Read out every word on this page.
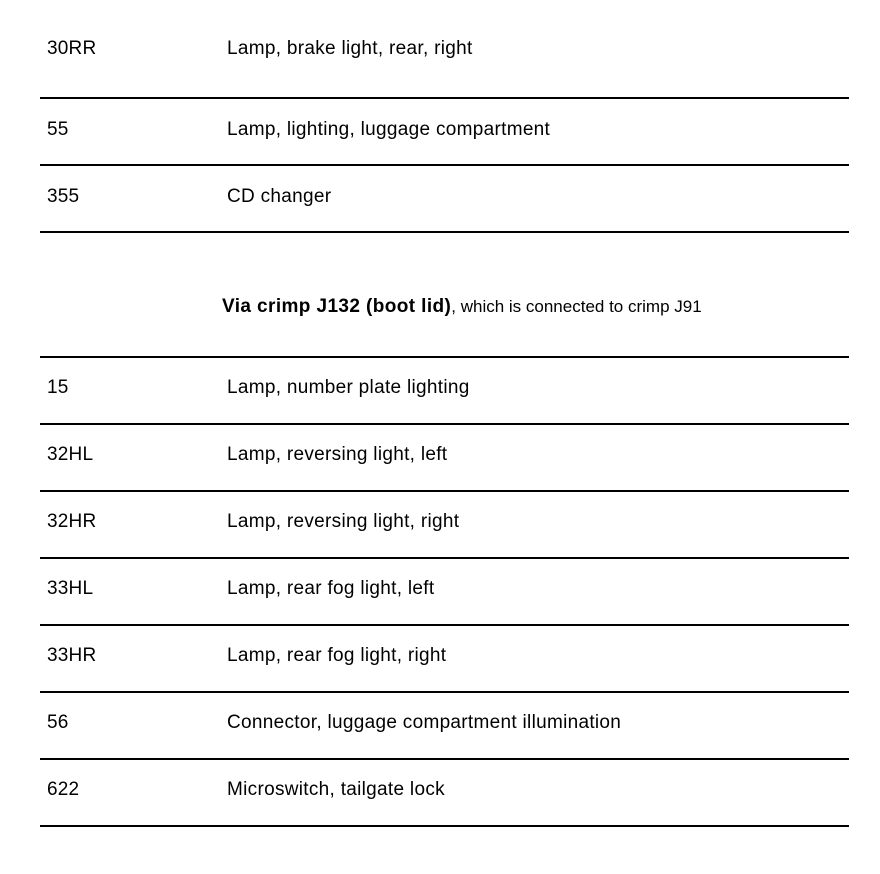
30RR	Lamp, brake light, rear, right
55	Lamp, lighting, luggage compartment
355	CD changer
Via crimp J132 (boot lid), which is connected to crimp J91
15	Lamp, number plate lighting
32HL	Lamp, reversing light, left
32HR	Lamp, reversing light, right
33HL	Lamp, rear fog light, left
33HR	Lamp, rear fog light, right
56	Connector, luggage compartment illumination
622	Microswitch, tailgate lock
